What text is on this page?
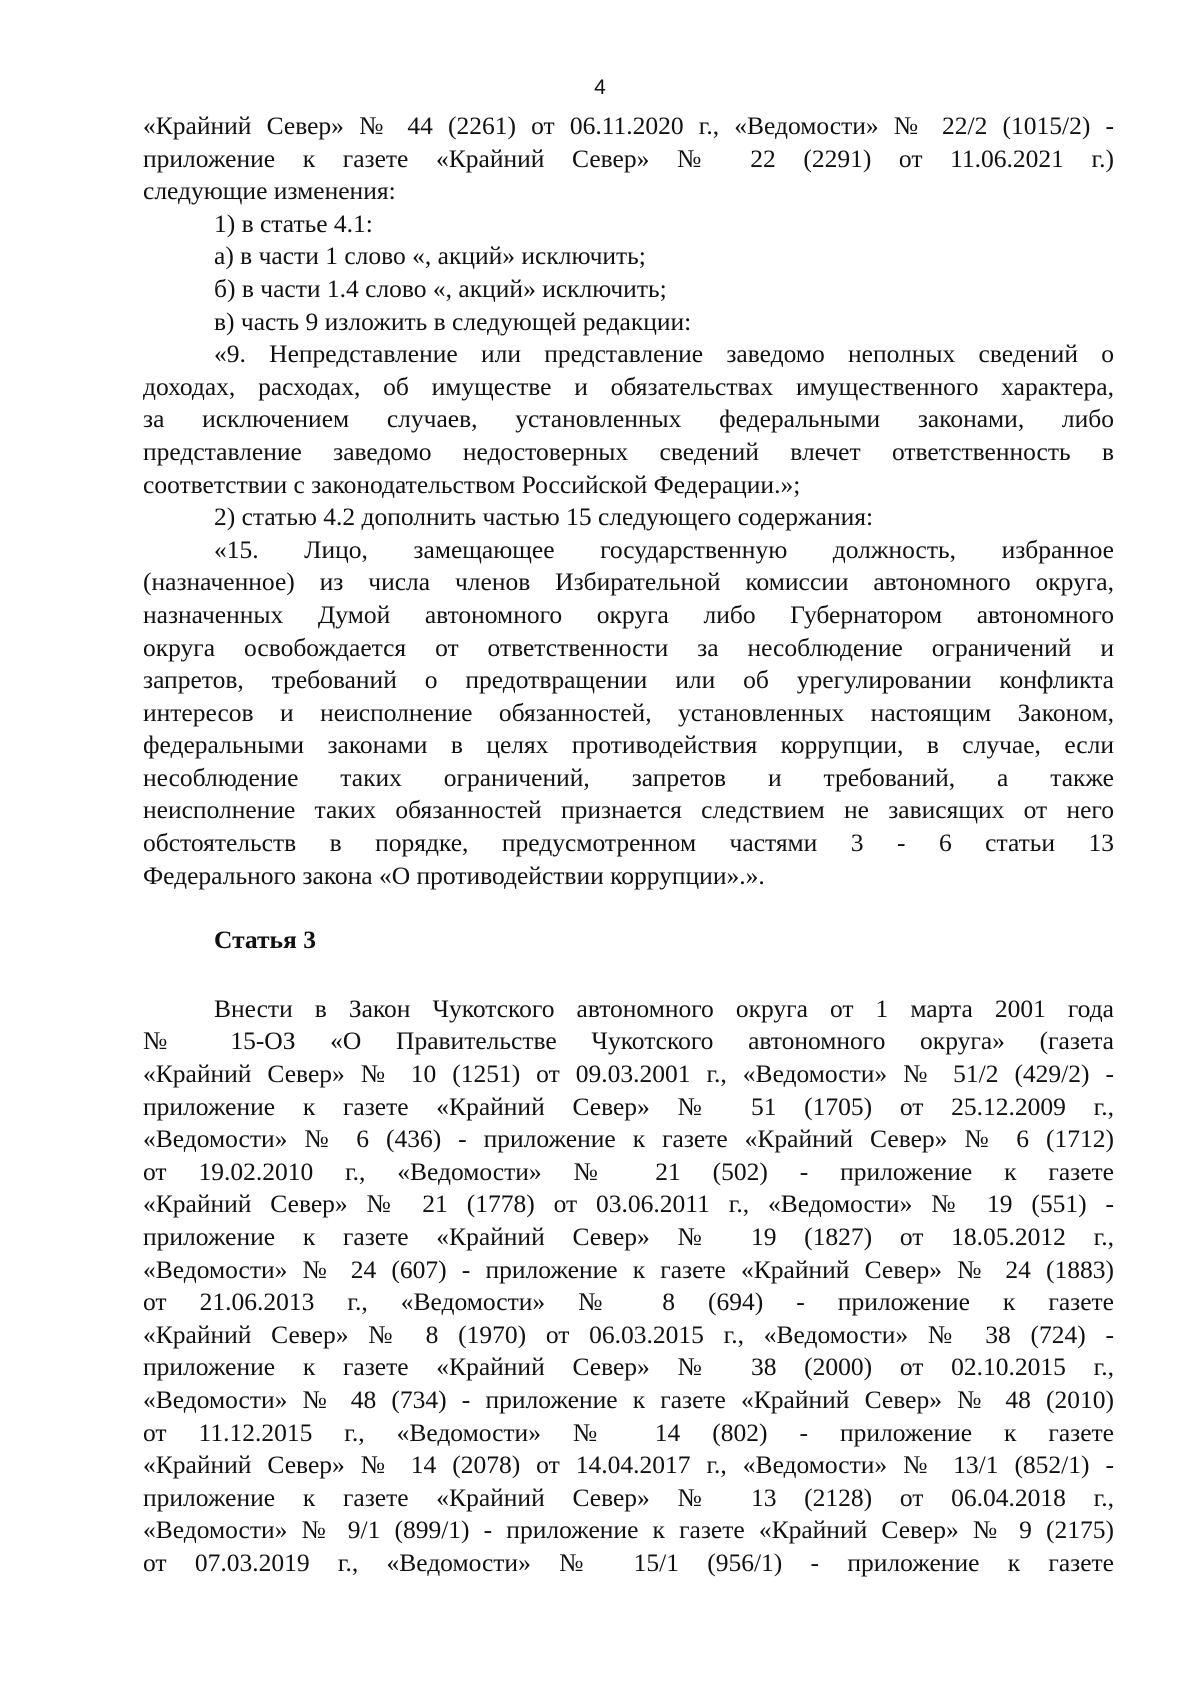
4
«Крайний Север» № 44 (2261) от 06.11.2020 г., «Ведомости» № 22/2 (1015/2) -
приложение к газете «Крайний Север» № 22 (2291) от 11.06.2021 г.)
следующие изменения:
1) в статье 4.1:
а) в части 1 слово «, акций» исключить;
б) в части 1.4 слово «, акций» исключить;
в) часть 9 изложить в следующей редакции:
«9. Непредставление или представление заведомо неполных сведений о
доходах, расходах, об имуществе и обязательствах имущественного характера,
за исключением случаев, установленных федеральными законами, либо
представление заведомо недостоверных сведений влечет ответственность в
соответствии с законодательством Российской Федерации.»;
2) статью 4.2 дополнить частью 15 следующего содержания:
«15. Лицо, замещающее государственную должность, избранное
(назначенное) из числа членов Избирательной комиссии автономного округа,
назначенных Думой автономного округа либо Губернатором автономного
округа освобождается от ответственности за несоблюдение ограничений и
запретов, требований о предотвращении или об урегулировании конфликта
интересов и неисполнение обязанностей, установленных настоящим Законом,
федеральными законами в целях противодействия коррупции, в случае, если
несоблюдение таких ограничений, запретов и требований, а также
неисполнение таких обязанностей признается следствием не зависящих от него
обстоятельств в порядке, предусмотренном частями 3 - 6 статьи 13
Федерального закона «О противодействии коррупции».».
Статья 3
Внести в Закон Чукотского автономного округа от 1 марта 2001 года
№ 15-ОЗ «О Правительстве Чукотского автономного округа» (газета
«Крайний Север» № 10 (1251) от 09.03.2001 г., «Ведомости» № 51/2 (429/2) -
приложение к газете «Крайний Север» № 51 (1705) от 25.12.2009 г.,
«Ведомости» № 6 (436) - приложение к газете «Крайний Север» № 6 (1712)
от 19.02.2010 г., «Ведомости» № 21 (502) - приложение к газете
«Крайний Север» № 21 (1778) от 03.06.2011 г., «Ведомости» № 19 (551) -
приложение к газете «Крайний Север» № 19 (1827) от 18.05.2012 г.,
«Ведомости» № 24 (607) - приложение к газете «Крайний Север» № 24 (1883)
от 21.06.2013 г., «Ведомости» № 8 (694) - приложение к газете
«Крайний Север» № 8 (1970) от 06.03.2015 г., «Ведомости» № 38 (724) -
приложение к газете «Крайний Север» № 38 (2000) от 02.10.2015 г.,
«Ведомости» № 48 (734) - приложение к газете «Крайний Север» № 48 (2010)
от 11.12.2015 г., «Ведомости» № 14 (802) - приложение к газете
«Крайний Север» № 14 (2078) от 14.04.2017 г., «Ведомости» № 13/1 (852/1) -
приложение к газете «Крайний Север» № 13 (2128) от 06.04.2018 г.,
«Ведомости» № 9/1 (899/1) - приложение к газете «Крайний Север» № 9 (2175)
от 07.03.2019 г., «Ведомости» № 15/1 (956/1) - приложение к газете
